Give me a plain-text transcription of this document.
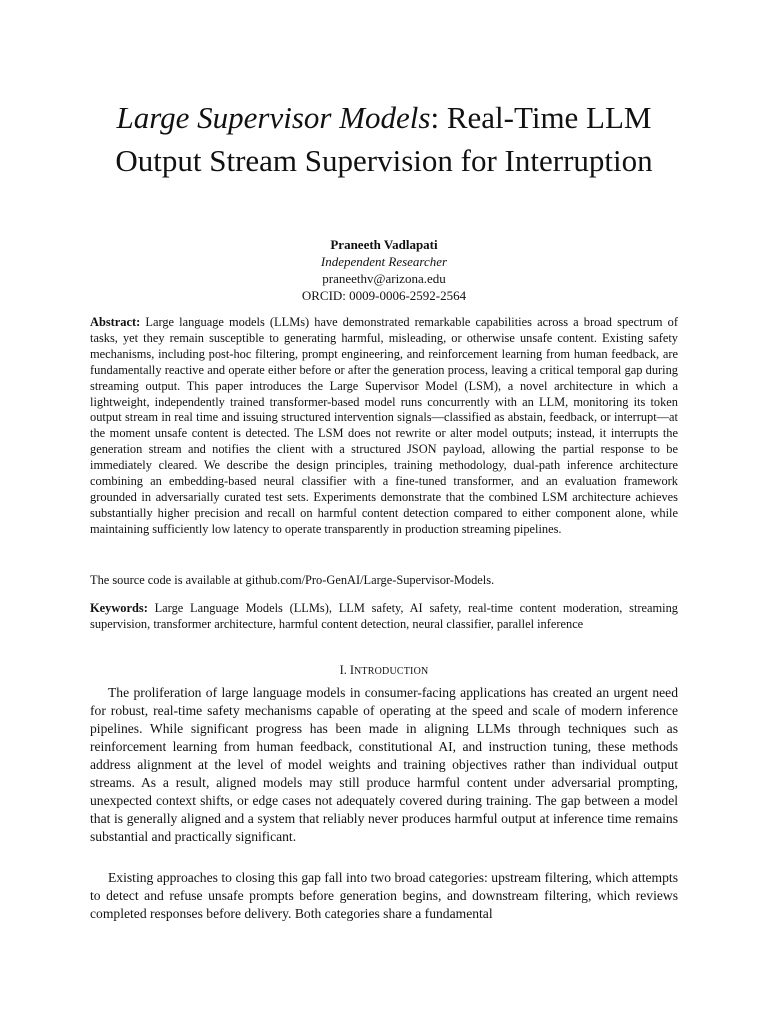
Large Supervisor Models: Real-Time LLM Output Stream Supervision for Interruption
Praneeth Vadlapati
Independent Researcher
praneethv@arizona.edu
ORCID: 0009-0006-2592-2564
Abstract: Large language models (LLMs) have demonstrated remarkable capabilities across a broad spectrum of tasks, yet they remain susceptible to generating harmful, misleading, or otherwise unsafe content. Existing safety mechanisms, including post-hoc filtering, prompt engineering, and reinforcement learning from human feedback, are fundamentally reactive and operate either before or after the generation process, leaving a critical temporal gap during streaming output. This paper introduces the Large Supervisor Model (LSM), a novel architecture in which a lightweight, independently trained transformer-based model runs concurrently with an LLM, monitoring its token output stream in real time and issuing structured intervention signals—classified as abstain, feedback, or interrupt—at the moment unsafe content is detected. The LSM does not rewrite or alter model outputs; instead, it interrupts the generation stream and notifies the client with a structured JSON payload, allowing the partial response to be immediately cleared. We describe the design principles, training methodology, dual-path inference architecture combining an embedding-based neural classifier with a fine-tuned transformer, and an evaluation framework grounded in adversarially curated test sets. Experiments demonstrate that the combined LSM architecture achieves substantially higher precision and recall on harmful content detection compared to either component alone, while maintaining sufficiently low latency to operate transparently in production streaming pipelines.
The source code is available at github.com/Pro-GenAI/Large-Supervisor-Models.
Keywords: Large Language Models (LLMs), LLM safety, AI safety, real-time content moderation, streaming supervision, transformer architecture, harmful content detection, neural classifier, parallel inference
I. INTRODUCTION
The proliferation of large language models in consumer-facing applications has created an urgent need for robust, real-time safety mechanisms capable of operating at the speed and scale of modern inference pipelines. While significant progress has been made in aligning LLMs through techniques such as reinforcement learning from human feedback, constitutional AI, and instruction tuning, these methods address alignment at the level of model weights and training objectives rather than individual output streams. As a result, aligned models may still produce harmful content under adversarial prompting, unexpected context shifts, or edge cases not adequately covered during training. The gap between a model that is generally aligned and a system that reliably never produces harmful output at inference time remains substantial and practically significant.
Existing approaches to closing this gap fall into two broad categories: upstream filtering, which attempts to detect and refuse unsafe prompts before generation begins, and downstream filtering, which reviews completed responses before delivery. Both categories share a fundamental
